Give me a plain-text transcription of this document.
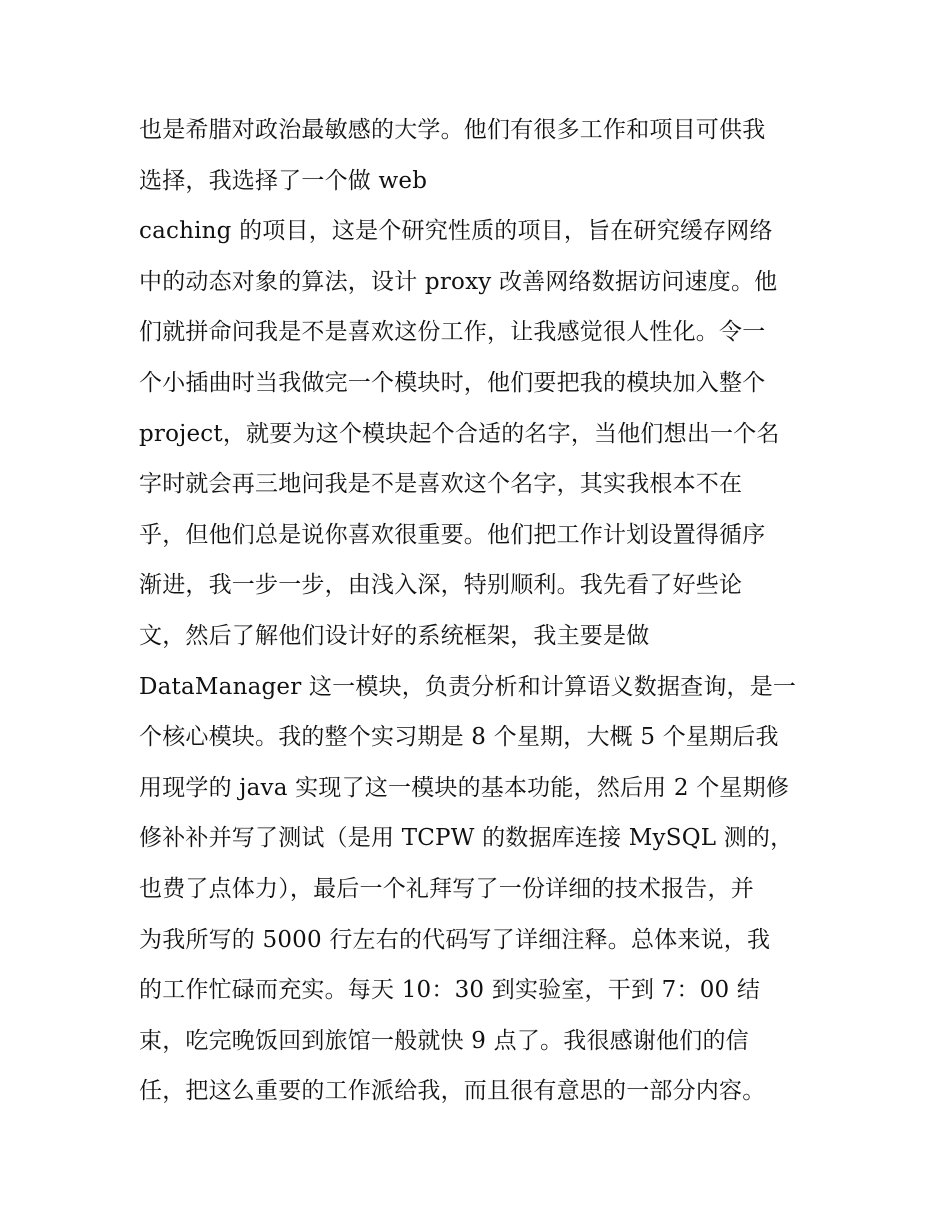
也是希腊对政治最敏感的大学。他们有很多工作和项目可供我
选择，我选择了一个做 web
caching 的项目，这是个研究性质的项目，旨在研究缓存网络
中的动态对象的算法，设计 proxy 改善网络数据访问速度。他
们就拼命问我是不是喜欢这份工作，让我感觉很人性化。令一
个小插曲时当我做完一个模块时，他们要把我的模块加入整个
project，就要为这个模块起个合适的名字，当他们想出一个名
字时就会再三地问我是不是喜欢这个名字，其实我根本不在
乎，但他们总是说你喜欢很重要。他们把工作计划设置得循序
渐进，我一步一步，由浅入深，特别顺利。我先看了好些论
文，然后了解他们设计好的系统框架，我主要是做
DataManager 这一模块，负责分析和计算语义数据查询，是一
个核心模块。我的整个实习期是 8 个星期，大概 5 个星期后我
用现学的 java 实现了这一模块的基本功能，然后用 2 个星期修
修补补并写了测试（是用 TCPW 的数据库连接 MySQL 测的，
也费了点体力），最后一个礼拜写了一份详细的技术报告，并
为我所写的 5000 行左右的代码写了详细注释。总体来说，我
的工作忙碌而充实。每天 10：30 到实验室，干到 7：00 结
束，吃完晚饭回到旅馆一般就快 9 点了。我很感谢他们的信
任，把这么重要的工作派给我，而且很有意思的一部分内容。
